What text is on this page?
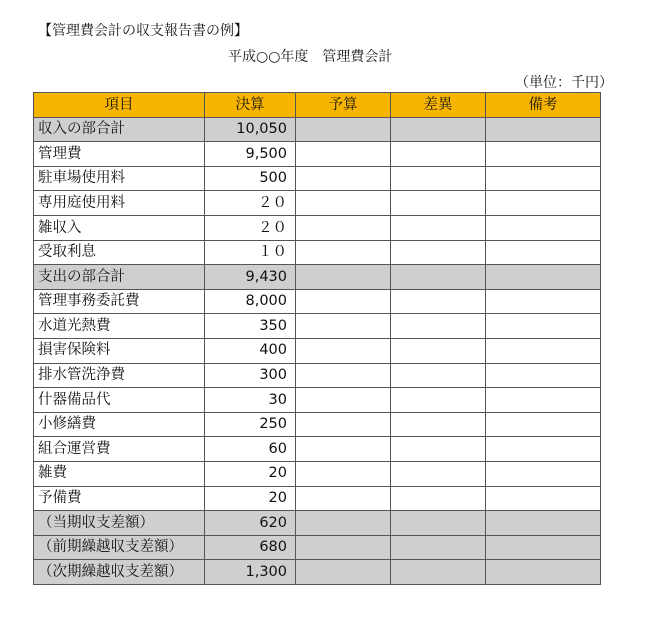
【管理費会計の収支報告書の例】
平成○○年度　管理費会計
（単位：千円）
項目	決算	予算	差異	備考
収入の部合計	10,050			
管理費	9,500			
駐車場使用料	500			
専用庭使用料	２０			
雑収入	２０			
受取利息	１０			
支出の部合計	9,430			
管理事務委託費	8,000			
水道光熱費	350			
損害保険料	400			
排水管洗浄費	300			
什器備品代	30			
小修繕費	250			
組合運営費	60			
雑費	20			
予備費	20			
（当期収支差額）	620			
（前期繰越収支差額）	680			
（次期繰越収支差額）	1,300			
